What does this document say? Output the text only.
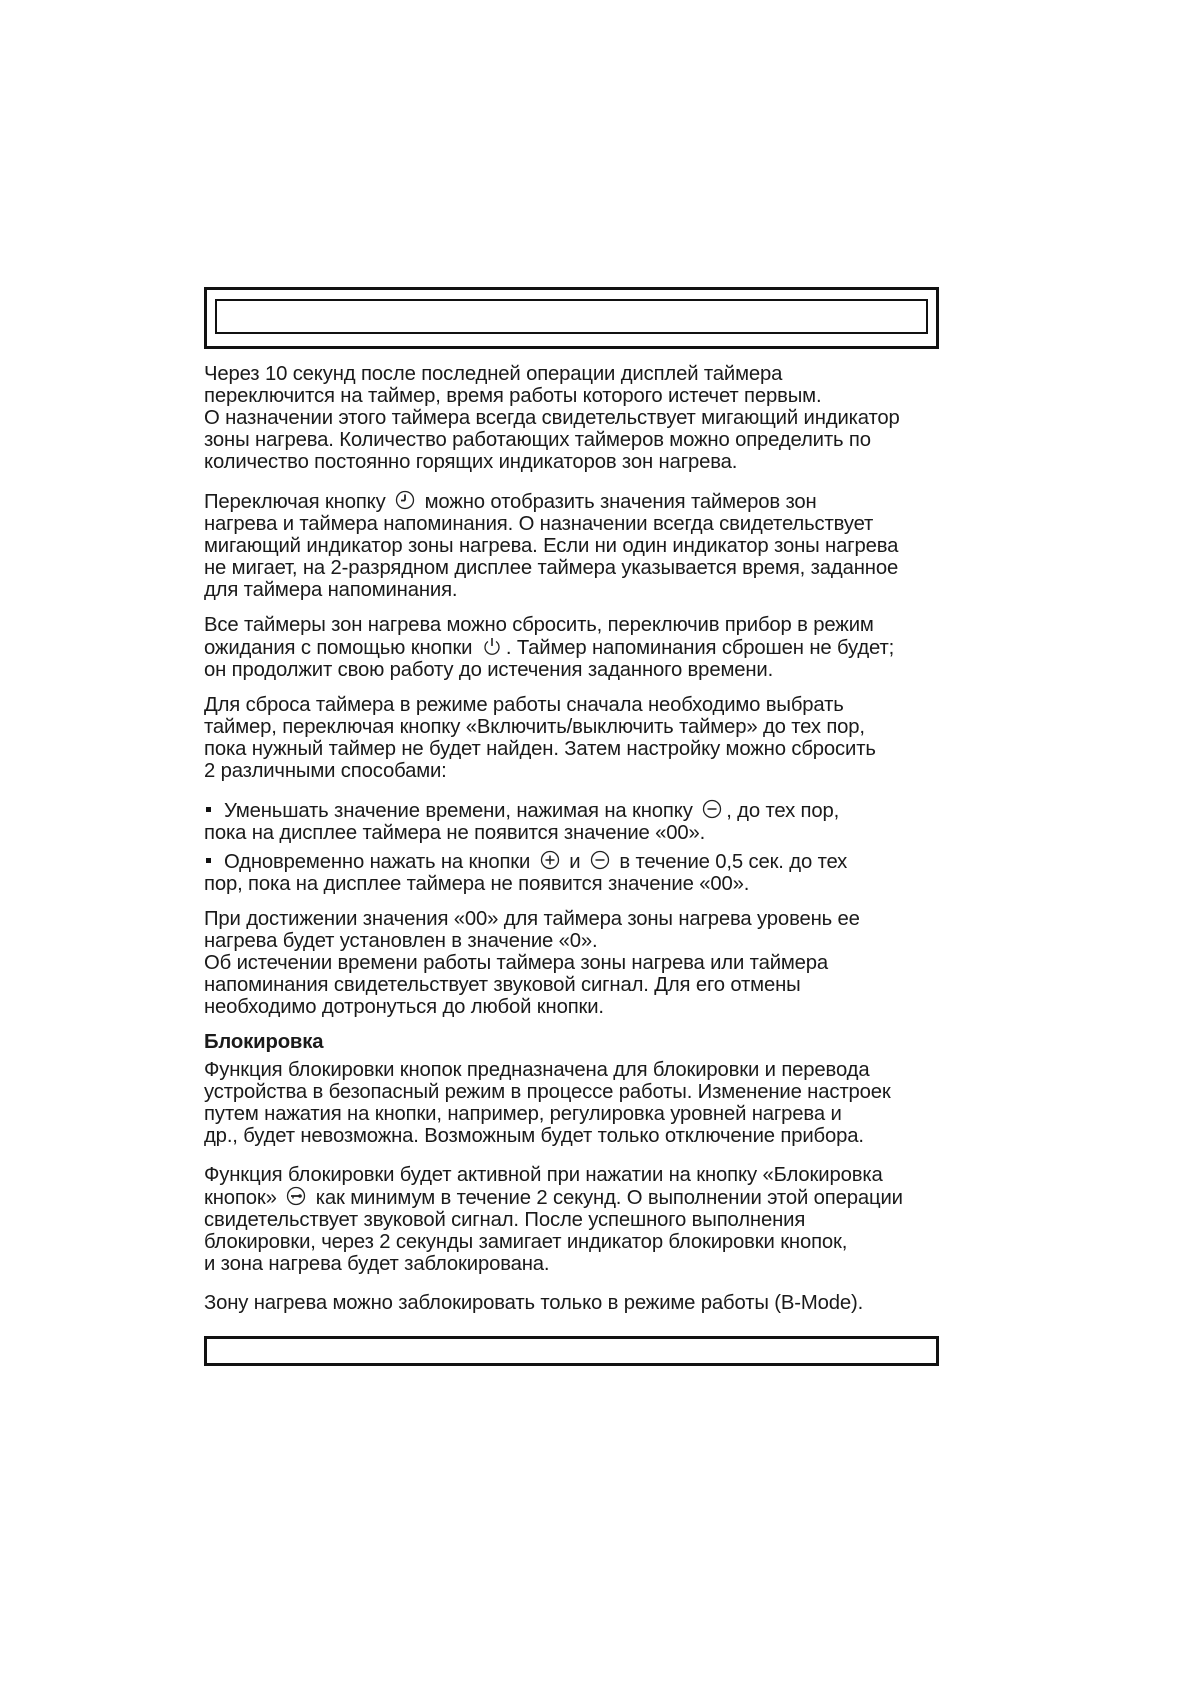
Через 10 секунд после последней операции дисплей таймера
переключится на таймер, время работы которого истечет первым.
О назначении этого таймера всегда свидетельствует мигающий индикатор
зоны нагрева. Количество работающих таймеров можно определить по
количество постоянно горящих индикаторов зон нагрева.

Переключая кнопку можно отобразить значения таймеров зон
нагрева и таймера напоминания. О назначении всегда свидетельствует
мигающий индикатор зоны нагрева. Если ни один индикатор зоны нагрева
не мигает, на 2-разрядном дисплее таймера указывается время, заданное
для таймера напоминания.

Все таймеры зон нагрева можно сбросить, переключив прибор в режим
ожидания с помощью кнопки . Таймер напоминания сброшен не будет;
он продолжит свою работу до истечения заданного времени.

Для сброса таймера в режиме работы сначала необходимо выбрать
таймер, переключая кнопку «Включить/выключить таймер» до тех пор,
пока нужный таймер не будет найден. Затем настройку можно сбросить
2 различными способами:

Уменьшать значение времени, нажимая на кнопку , до тех пор,
пока на дисплее таймера не появится значение «00».

Одновременно нажать на кнопки и в течение 0,5 сек. до тех
пор, пока на дисплее таймера не появится значение «00».

При достижении значения «00» для таймера зоны нагрева уровень ее
нагрева будет установлен в значение «0».
Об истечении времени работы таймера зоны нагрева или таймера
напоминания свидетельствует звуковой сигнал. Для его отмены
необходимо дотронуться до любой кнопки.

Блокировка

Функция блокировки кнопок предназначена для блокировки и перевода
устройства в безопасный режим в процессе работы. Изменение настроек
путем нажатия на кнопки, например, регулировка уровней нагрева и
др., будет невозможна. Возможным будет только отключение прибора.

Функция блокировки будет активной при нажатии на кнопку «Блокировка
кнопок» как минимум в течение 2 секунд. О выполнении этой операции
свидетельствует звуковой сигнал. После успешного выполнения
блокировки, через 2 секунды замигает индикатор блокировки кнопок,
и зона нагрева будет заблокирована.

Зону нагрева можно заблокировать только в режиме работы (B-Mode).
